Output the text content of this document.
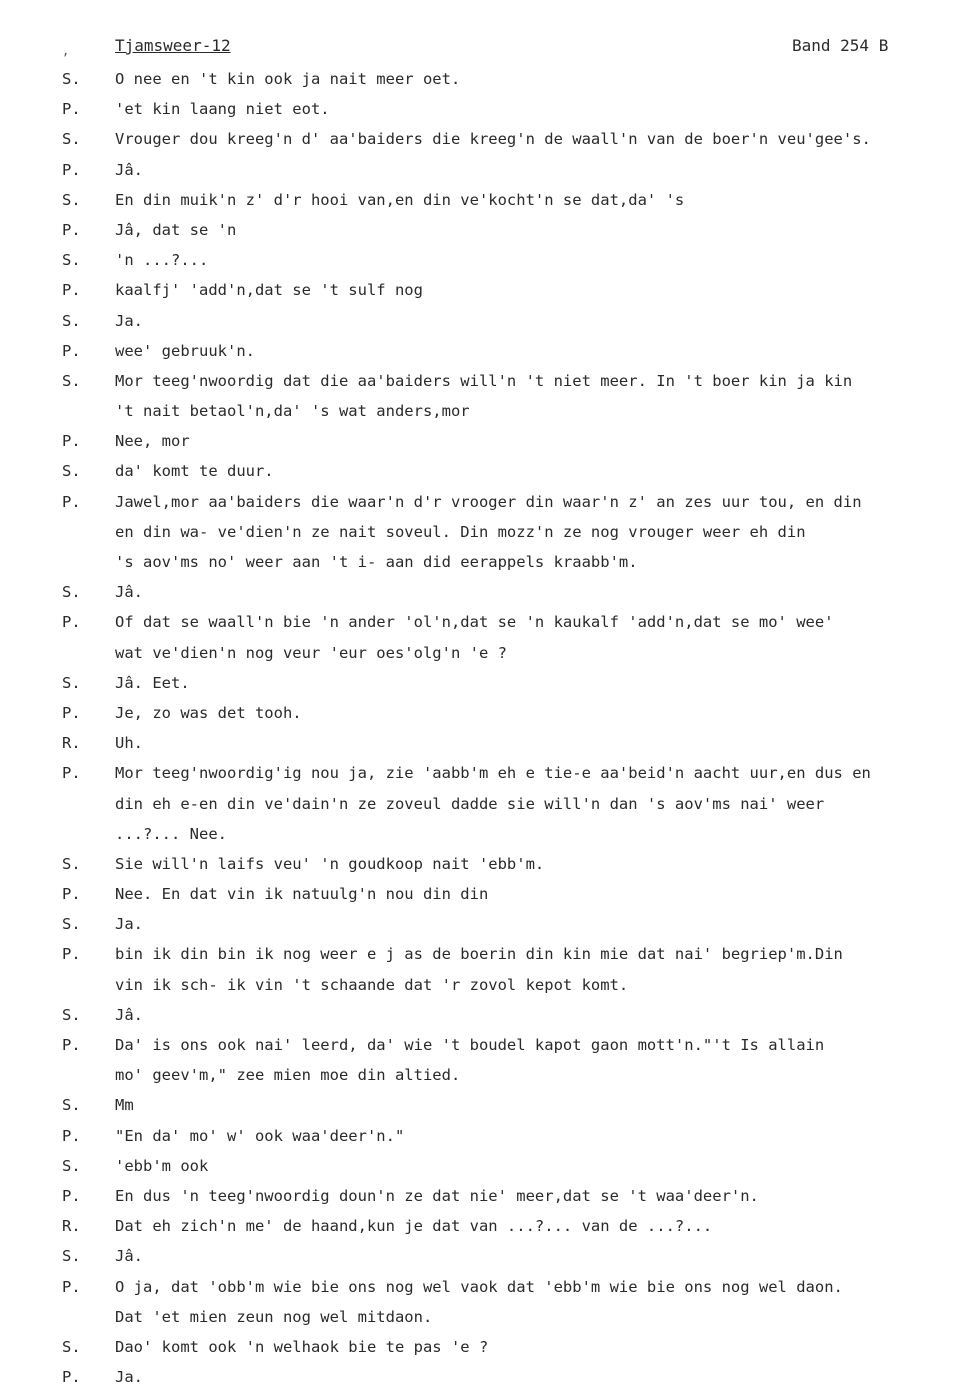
,	Tjamsweer-12	Band 254 B
S. O nee en 't kin ook ja nait meer oet.
P. 'et kin laang niet eot.
S. Vrouger dou kreeg'n d' aa'baiders die kreeg'n de waall'n van de boer'n veu'gee's.
P. Jâ.
S. En din muik'n z' d'r hooi van,en din ve'kocht'n se dat,da' 's
P. Jâ, dat se 'n
S. 'n ...?...
P. kaalfj' 'add'n,dat se 't sulf nog
S. Ja.
P. wee' gebruuk'n.
S. Mor teeg'nwoordig dat die aa'baiders will'n 't niet meer. In 't boer kin ja kin
't nait betaol'n,da' 's wat anders,mor
P. Nee, mor
S. da' komt te duur.
P. Jawel,mor aa'baiders die waar'n d'r vrooger din waar'n z' an zes uur tou, en din
en din wa- ve'dien'n ze nait soveul. Din mozz'n ze nog vrouger weer eh din
's aov'ms no' weer aan 't i- aan did eerappels kraabb'm.
S. Jâ.
P. Of dat se waall'n bie 'n ander 'ol'n,dat se 'n kaukalf 'add'n,dat se mo' wee'
wat ve'dien'n nog veur 'eur oes'olg'n 'e ?
S. Jâ. Eet.
P. Je, zo was det tooh.
R. Uh.
P. Mor teeg'nwoordig'ig nou ja, zie 'aabb'm eh e tie-e aa'beid'n aacht uur,en dus en
din eh e-en din ve'dain'n ze zoveul dadde sie will'n dan 's aov'ms nai' weer
...?... Nee.
S. Sie will'n laifs veu' 'n goudkoop nait 'ebb'm.
P. Nee. En dat vin ik natuulg'n nou din din
S. Ja.
P. bin ik din bin ik nog weer e j as de boerin din kin mie dat nai' begriep'm.Din
vin ik sch- ik vin 't schaande dat 'r zovol kepot komt.
S. Jâ.
P. Da' is ons ook nai' leerd, da' wie 't boudel kapot gaon mott'n."'t Is allain
mo' geev'm," zee mien moe din altied.
S. Mm
P. "En da' mo' w' ook waa'deer'n."
S. 'ebb'm ook
P. En dus 'n teeg'nwoordig doun'n ze dat nie' meer,dat se 't waa'deer'n.
R. Dat eh zich'n me' de haand,kun je dat van ...?... van de ...?...
S. Jâ.
P. O ja, dat 'obb'm wie bie ons nog wel vaok dat 'ebb'm wie bie ons nog wel daon.
Dat 'et mien zeun nog wel mitdaon.
S. Dao' komt ook 'n welhaok bie te pas 'e ?
P. Ja.
